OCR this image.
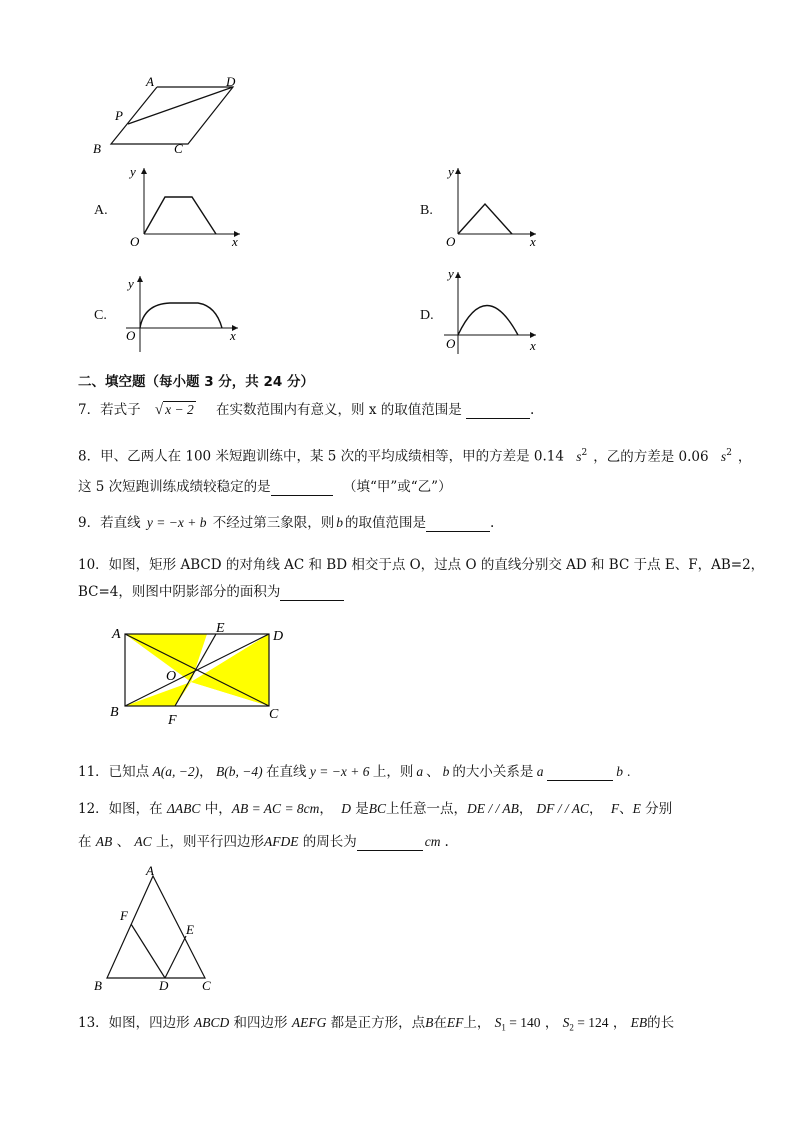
A	D
P
B	C
A.
y
O	x
B.
y
O	x
C.
y
O	x
D.
y
O	x
二、填空题（每小题 3 分，共 24 分）
7．若式子 √ x − 2 在实数范围内有意义，则 x 的取值范围是	.
8．甲、乙两人在 100 米短跑训练中，某 5 次的平均成绩相等，甲的方差是 0.14 $s^2$ ，乙的方差是 0.06 $s^2$ ，
这 5 次短跑训练成绩较稳定的是	（填“甲”或“乙”）
9．若直线 y = −x + b 不经过第三象限，则 b 的取值范围是	.
10．如图，矩形 ABCD 的对角线 AC 和 BD 相交于点 O，过点 O 的直线分别交 AD 和 BC 于点 E、F，AB=2，
BC=4，则图中阴影部分的面积为
A	E
D
O
B
F	C
11．已知点 A(a, −2)， B(b, −4) 在直线 y = −x + 6 上，则 a 、 b 的大小关系是 a	b .
12．如图，在 ΔABC 中，AB = AC = 8cm， D 是BC上任意一点，DE / / AB， DF / / AC， F、E 分别
在 AB 、 AC 上，则平行四边形AFDE 的周长为	cm .
A
F
E
B	D	C
13．如图，四边形 ABCD 和四边形 AEFG 都是正方形，点B在EF上， $S_1 = 140$ ， $S_2 = 124$ ， EB的长
